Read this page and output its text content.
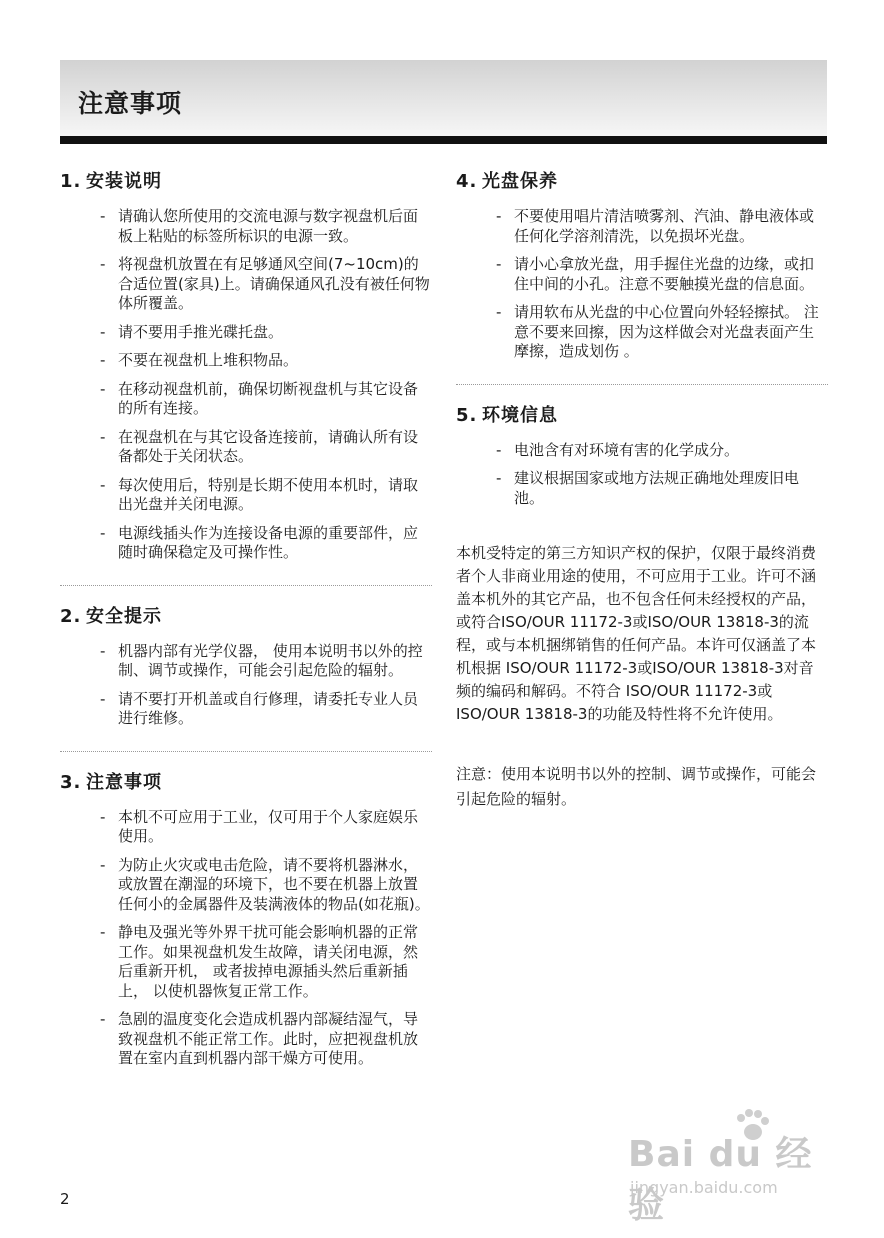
注意事项
1. 安装说明
- 请确认您所使用的交流电源与数字视盘机后面板上粘贴的标签所标识的电源一致。
- 将视盘机放置在有足够通风空间(7~10cm)的合适位置(家具)上。请确保通风孔没有被任何物体所覆盖。
- 请不要用手推光碟托盘。
- 不要在视盘机上堆积物品。
- 在移动视盘机前，确保切断视盘机与其它设备的所有连接。
- 在视盘机在与其它设备连接前，请确认所有设备都处于关闭状态。
- 每次使用后，特别是长期不使用本机时，请取出光盘并关闭电源。
- 电源线插头作为连接设备电源的重要部件，应随时确保稳定及可操作性。
2. 安全提示
- 机器内部有光学仪器， 使用本说明书以外的控制、调节或操作，可能会引起危险的辐射。
- 请不要打开机盖或自行修理，请委托专业人员进行维修。
3. 注意事项
- 本机不可应用于工业，仅可用于个人家庭娱乐使用。
- 为防止火灾或电击危险，请不要将机器淋水，或放置在潮湿的环境下，也不要在机器上放置任何小的金属器件及装满液体的物品(如花瓶)。
- 静电及强光等外界干扰可能会影响机器的正常工作。如果视盘机发生故障，请关闭电源，然后重新开机， 或者拔掉电源插头然后重新插上， 以使机器恢复正常工作。
- 急剧的温度变化会造成机器内部凝结湿气，导致视盘机不能正常工作。此时，应把视盘机放置在室内直到机器内部干燥方可使用。
4. 光盘保养
- 不要使用唱片清洁喷雾剂、汽油、静电液体或任何化学溶剂清洗，以免损坏光盘。
- 请小心拿放光盘，用手握住光盘的边缘，或扣住中间的小孔。注意不要触摸光盘的信息面。
- 请用软布从光盘的中心位置向外轻轻擦拭。 注意不要来回擦，因为这样做会对光盘表面产生摩擦，造成划伤 。
5. 环境信息
- 电池含有对环境有害的化学成分。
- 建议根据国家或地方法规正确地处理废旧电池。

本机受特定的第三方知识产权的保护，仅限于最终消费者个人非商业用途的使用，不可应用于工业。许可不涵盖本机外的其它产品，也不包含任何未经授权的产品，或符合ISO/OUR 11172-3或ISO/OUR 13818-3的流程，或与本机捆绑销售的任何产品。本许可仅涵盖了本机根据 ISO/OUR 11172-3或ISO/OUR 13818-3对音频的编码和解码。不符合 ISO/OUR 11172-3或ISO/OUR 13818-3的功能及特性将不允许使用。

注意：使用本说明书以外的控制、调节或操作，可能会引起危险的辐射。

2
Bai du 经验
jingyan.baidu.com
